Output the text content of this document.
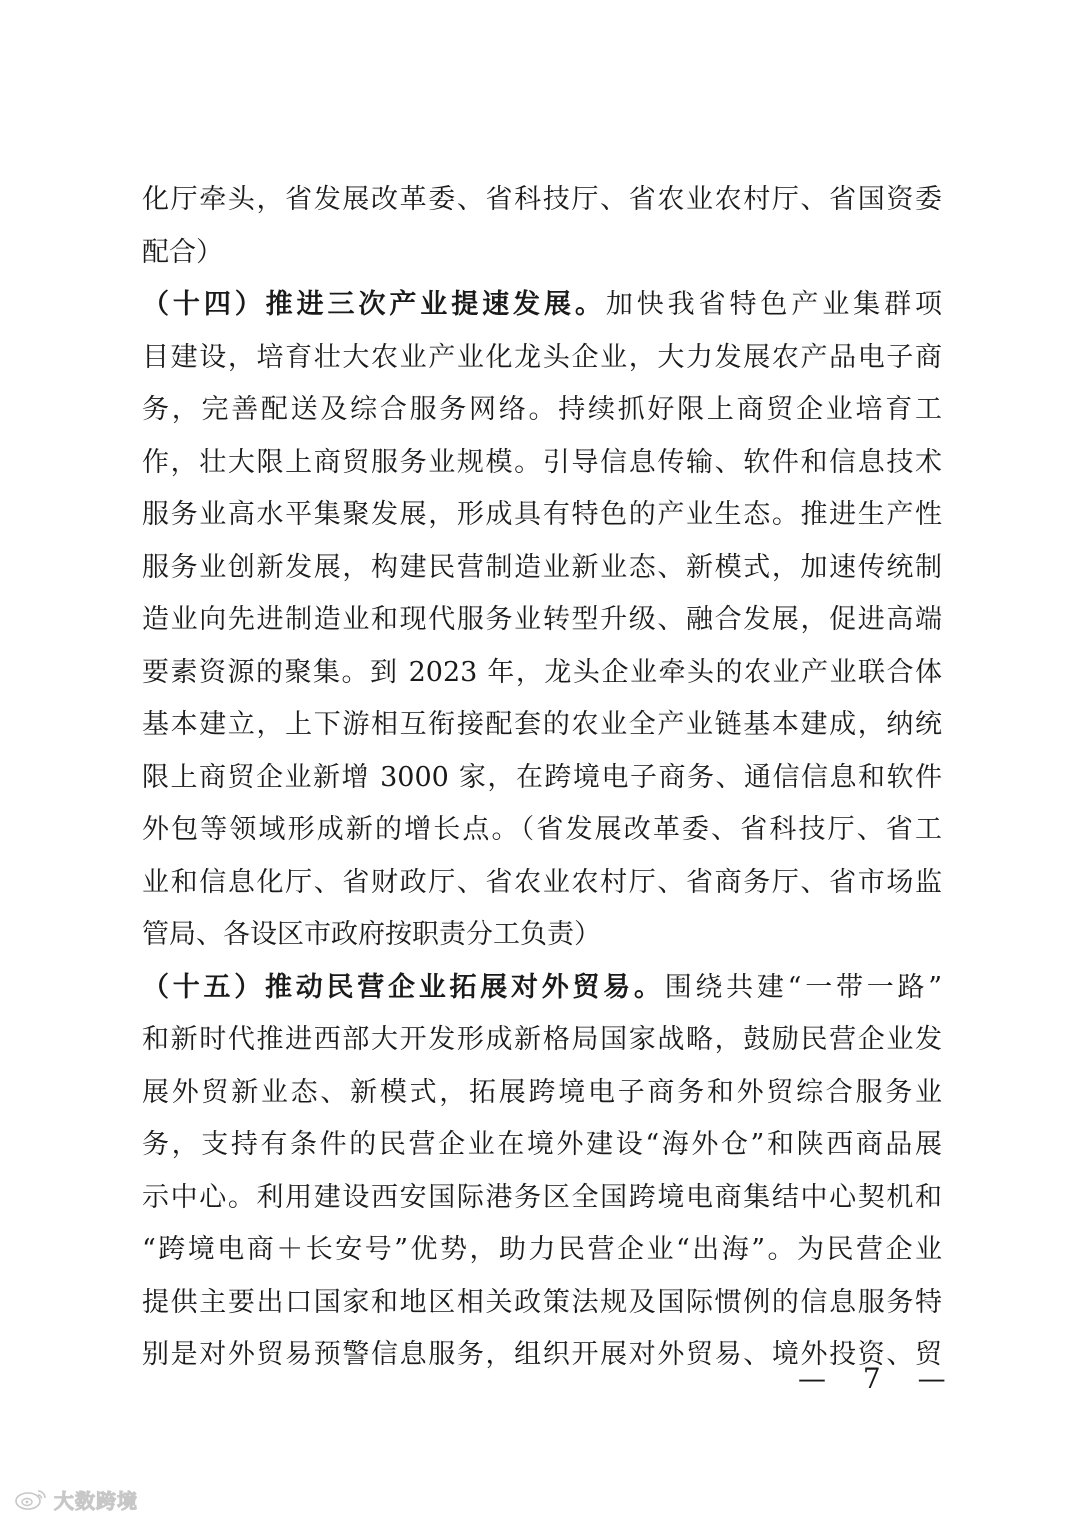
化厅牵头，省发展改革委、省科技厅、省农业农村厅、省国资委
配合）
（十四）推进三次产业提速发展。加快我省特色产业集群项
目建设，培育壮大农业产业化龙头企业，大力发展农产品电子商
务，完善配送及综合服务网络。持续抓好限上商贸企业培育工
作，壮大限上商贸服务业规模。引导信息传输、软件和信息技术
服务业高水平集聚发展，形成具有特色的产业生态。推进生产性
服务业创新发展，构建民营制造业新业态、新模式，加速传统制
造业向先进制造业和现代服务业转型升级、融合发展，促进高端
要素资源的聚集。到 2023 年，龙头企业牵头的农业产业联合体
基本建立，上下游相互衔接配套的农业全产业链基本建成，纳统
限上商贸企业新增 3000 家，在跨境电子商务、通信信息和软件
外包等领域形成新的增长点。（省发展改革委、省科技厅、省工
业和信息化厅、省财政厅、省农业农村厅、省商务厅、省市场监
管局、各设区市政府按职责分工负责）
（十五）推动民营企业拓展对外贸易。围绕共建“一带一路”
和新时代推进西部大开发形成新格局国家战略，鼓励民营企业发
展外贸新业态、新模式，拓展跨境电子商务和外贸综合服务业
务，支持有条件的民营企业在境外建设“海外仓”和陕西商品展
示中心。利用建设西安国际港务区全国跨境电商集结中心契机和
“跨境电商＋长安号”优势，助力民营企业“出海”。为民营企业
提供主要出口国家和地区相关政策法规及国际惯例的信息服务特
别是对外贸易预警信息服务，组织开展对外贸易、境外投资、贸
— 7 —
大数跨境
